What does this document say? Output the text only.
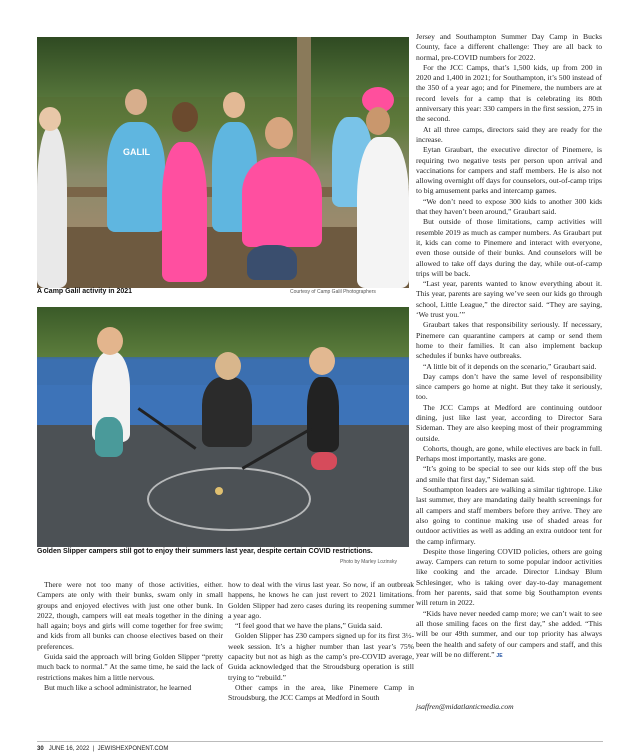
GALIL
Courtesy of Camp Galil Photographers
A Camp Galil activity in 2021
Golden Slipper campers still got to enjoy their summers last year, despite certain COVID restrictions.
Photo by Marley Lozinsky

Jersey and Southampton Summer Day Camp in Bucks County, face a different challenge: They are all back to normal, pre-COVID numbers for 2022.

For the JCC Camps, that’s 1,500 kids, up from 200 in 2020 and 1,400 in 2021; for Southampton, it’s 500 instead of the 350 of a year ago; and for Pinemere, the numbers are at record levels for a camp that is celebrating its 80th anniversary this year: 330 campers in the first session, 275 in the second.

At all three camps, directors said they are ready for the increase.

Eytan Graubart, the executive director of Pinemere, is requiring two negative tests per person upon arrival and vaccinations for campers and staff members. He is also not allowing overnight off days for counselors, out-of-camp trips to big amusement parks and intercamp games.

“We don’t need to expose 300 kids to another 300 kids that they haven’t been around,” Graubart said.

But outside of those limitations, camp activities will resemble 2019 as much as camper numbers. As Graubart put it, kids can come to Pinemere and interact with everyone, even those outside of their bunks. And counselors will be allowed to take off days during the day, while out-of-camp trips will be back.

“Last year, parents wanted to know everything about it. This year, parents are saying we’ve seen our kids go through school, Little League,” the director said. “They are saying, ‘We trust you.’”

Graubart takes that responsibility seriously. If necessary, Pinemere can quarantine campers at camp or send them home to their families. It can also implement backup schedules if bunks have outbreaks.

“A little bit of it depends on the scenario,” Graubart said.

Day camps don’t have the same level of responsibility since campers go home at night. But they take it seriously, too.

The JCC Camps at Medford are continuing outdoor dining, just like last year, according to Director Sara Sideman. They are also keeping most of their programming outside.

Cohorts, though, are gone, while electives are back in full. Perhaps most importantly, masks are gone.

“It’s going to be special to see our kids step off the bus and smile that first day,” Sideman said.

Southampton leaders are walking a similar tightrope. Like last summer, they are mandating daily health screenings for all campers and staff members before they arrive. They are also going to continue making use of shaded areas for outdoor activities as well as adding an extra outdoor tent for the camp infirmary.

Despite those lingering COVID policies, others are going away. Campers can return to some popular indoor activities like cooking and the arcade. Director Lindsay Blum Schlesinger, who is taking over day-to-day management from her parents, said that some big Southampton events will return in 2022.

“Kids have never needed camp more; we can’t wait to see all those smiling faces on the first day,” she added. “This will be our 49th summer, and our top priority has always been the health and safety of our campers and staff, and this year will be no different.” JE

jsaffren@midatlanticmedia.com

There were not too many of those activities, either. Campers ate only with their bunks, swam only in small groups and enjoyed electives with just one other bunk. In 2022, though, campers will eat meals together in the dining hall again; boys and girls will come together for free swim; and kids from all bunks can choose electives based on their preferences.

Guida said the approach will bring Golden Slipper “pretty much back to normal.” At the same time, he said the lack of restrictions makes him a little nervous.

But much like a school administrator, he learned

how to deal with the virus last year. So now, if an outbreak happens, he knows he can just revert to 2021 limitations. Golden Slipper had zero cases during its reopening summer a year ago.

“I feel good that we have the plans,” Guida said.

Golden Slipper has 230 campers signed up for its first 3½-week session. It’s a higher number than last year’s 75% capacity but not as high as the camp’s pre-COVID average, Guida acknowledged that the Stroudsburg operation is still trying to “rebuild.”

Other camps in the area, like Pinemere Camp in Stroudsburg, the JCC Camps at Medford in South

30 JUNE 16, 2022 | JEWISHEXPONENT.COM
